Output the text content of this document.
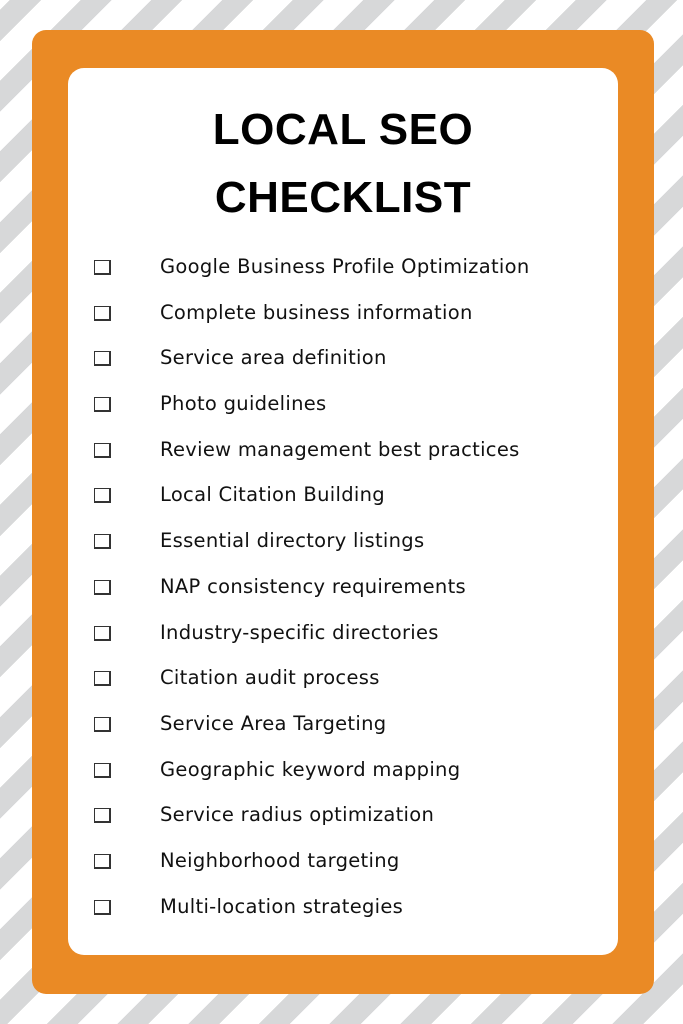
LOCAL SEO
CHECKLIST
Google Business Profile Optimization
Complete business information
Service area definition
Photo guidelines
Review management best practices
Local Citation Building
Essential directory listings
NAP consistency requirements
Industry-specific directories
Citation audit process
Service Area Targeting
Geographic keyword mapping
Service radius optimization
Neighborhood targeting
Multi-location strategies
